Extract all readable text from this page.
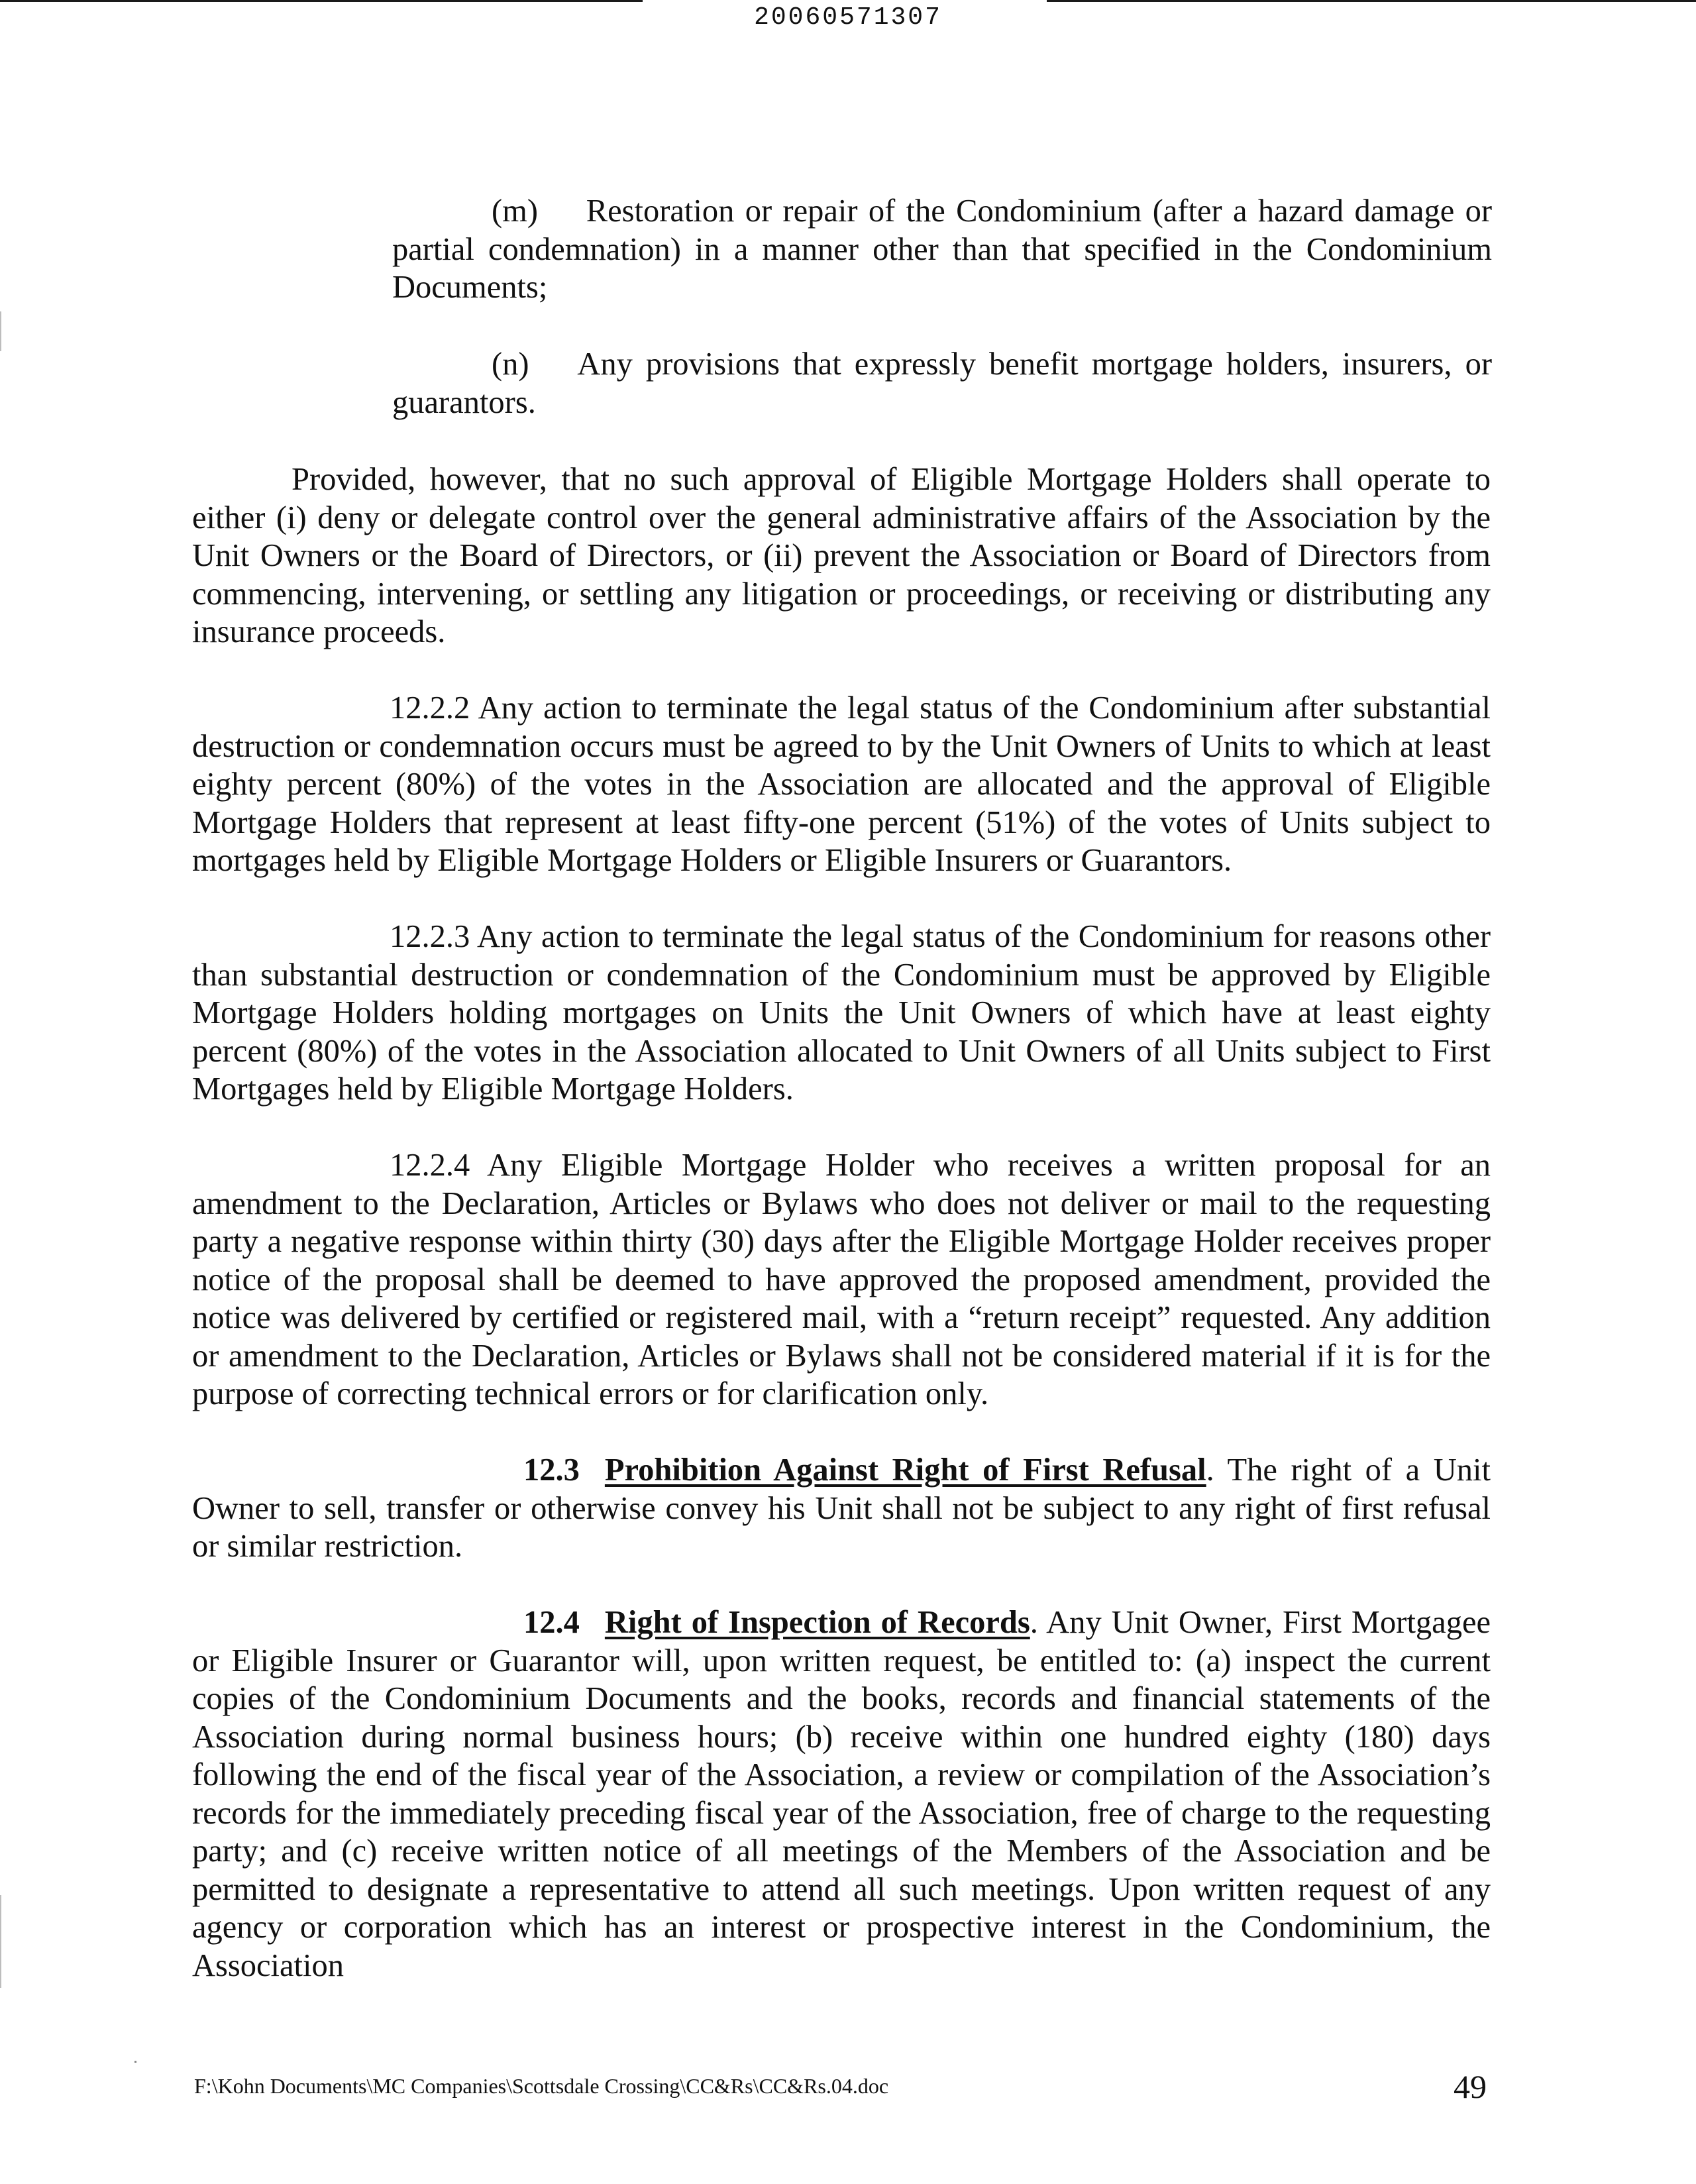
20060571307

(m)  Restoration or repair of the Condominium (after a hazard damage or partial condemnation) in a manner other than that specified in the Condominium Documents;

(n)  Any provisions that expressly benefit mortgage holders, insurers, or guarantors.

Provided, however, that no such approval of Eligible Mortgage Holders shall operate to either (i) deny or delegate control over the general administrative affairs of the Association by the Unit Owners or the Board of Directors, or (ii) prevent the Association or Board of Directors from commencing, intervening, or settling any litigation or proceedings, or receiving or distributing any insurance proceeds.

12.2.2 Any action to terminate the legal status of the Condominium after substantial destruction or condemnation occurs must be agreed to by the Unit Owners of Units to which at least eighty percent (80%) of the votes in the Association are allocated and the approval of Eligible Mortgage Holders that represent at least fifty-one percent (51%) of the votes of Units subject to mortgages held by Eligible Mortgage Holders or Eligible Insurers or Guarantors.

12.2.3 Any action to terminate the legal status of the Condominium for reasons other than substantial destruction or condemnation of the Condominium must be approved by Eligible Mortgage Holders holding mortgages on Units the Unit Owners of which have at least eighty percent (80%) of the votes in the Association allocated to Unit Owners of all Units subject to First Mortgages held by Eligible Mortgage Holders.

12.2.4 Any Eligible Mortgage Holder who receives a written proposal for an amendment to the Declaration, Articles or Bylaws who does not deliver or mail to the requesting party a negative response within thirty (30) days after the Eligible Mortgage Holder receives proper notice of the proposal shall be deemed to have approved the proposed amendment, provided the notice was delivered by certified or registered mail, with a “return receipt” requested. Any addition or amendment to the Declaration, Articles or Bylaws shall not be considered material if it is for the purpose of correcting technical errors or for clarification only.

12.3 Prohibition Against Right of First Refusal. The right of a Unit Owner to sell, transfer or otherwise convey his Unit shall not be subject to any right of first refusal or similar restriction.

12.4 Right of Inspection of Records. Any Unit Owner, First Mortgagee or Eligible Insurer or Guarantor will, upon written request, be entitled to: (a) inspect the current copies of the Condominium Documents and the books, records and financial statements of the Association during normal business hours; (b) receive within one hundred eighty (180) days following the end of the fiscal year of the Association, a review or compilation of the Association’s records for the immediately preceding fiscal year of the Association, free of charge to the requesting party; and (c) receive written notice of all meetings of the Members of the Association and be permitted to designate a representative to attend all such meetings. Upon written request of any agency or corporation which has an interest or prospective interest in the Condominium, the Association

F:\Kohn Documents\MC Companies\Scottsdale Crossing\CC&Rs\CC&Rs.04.doc	49
